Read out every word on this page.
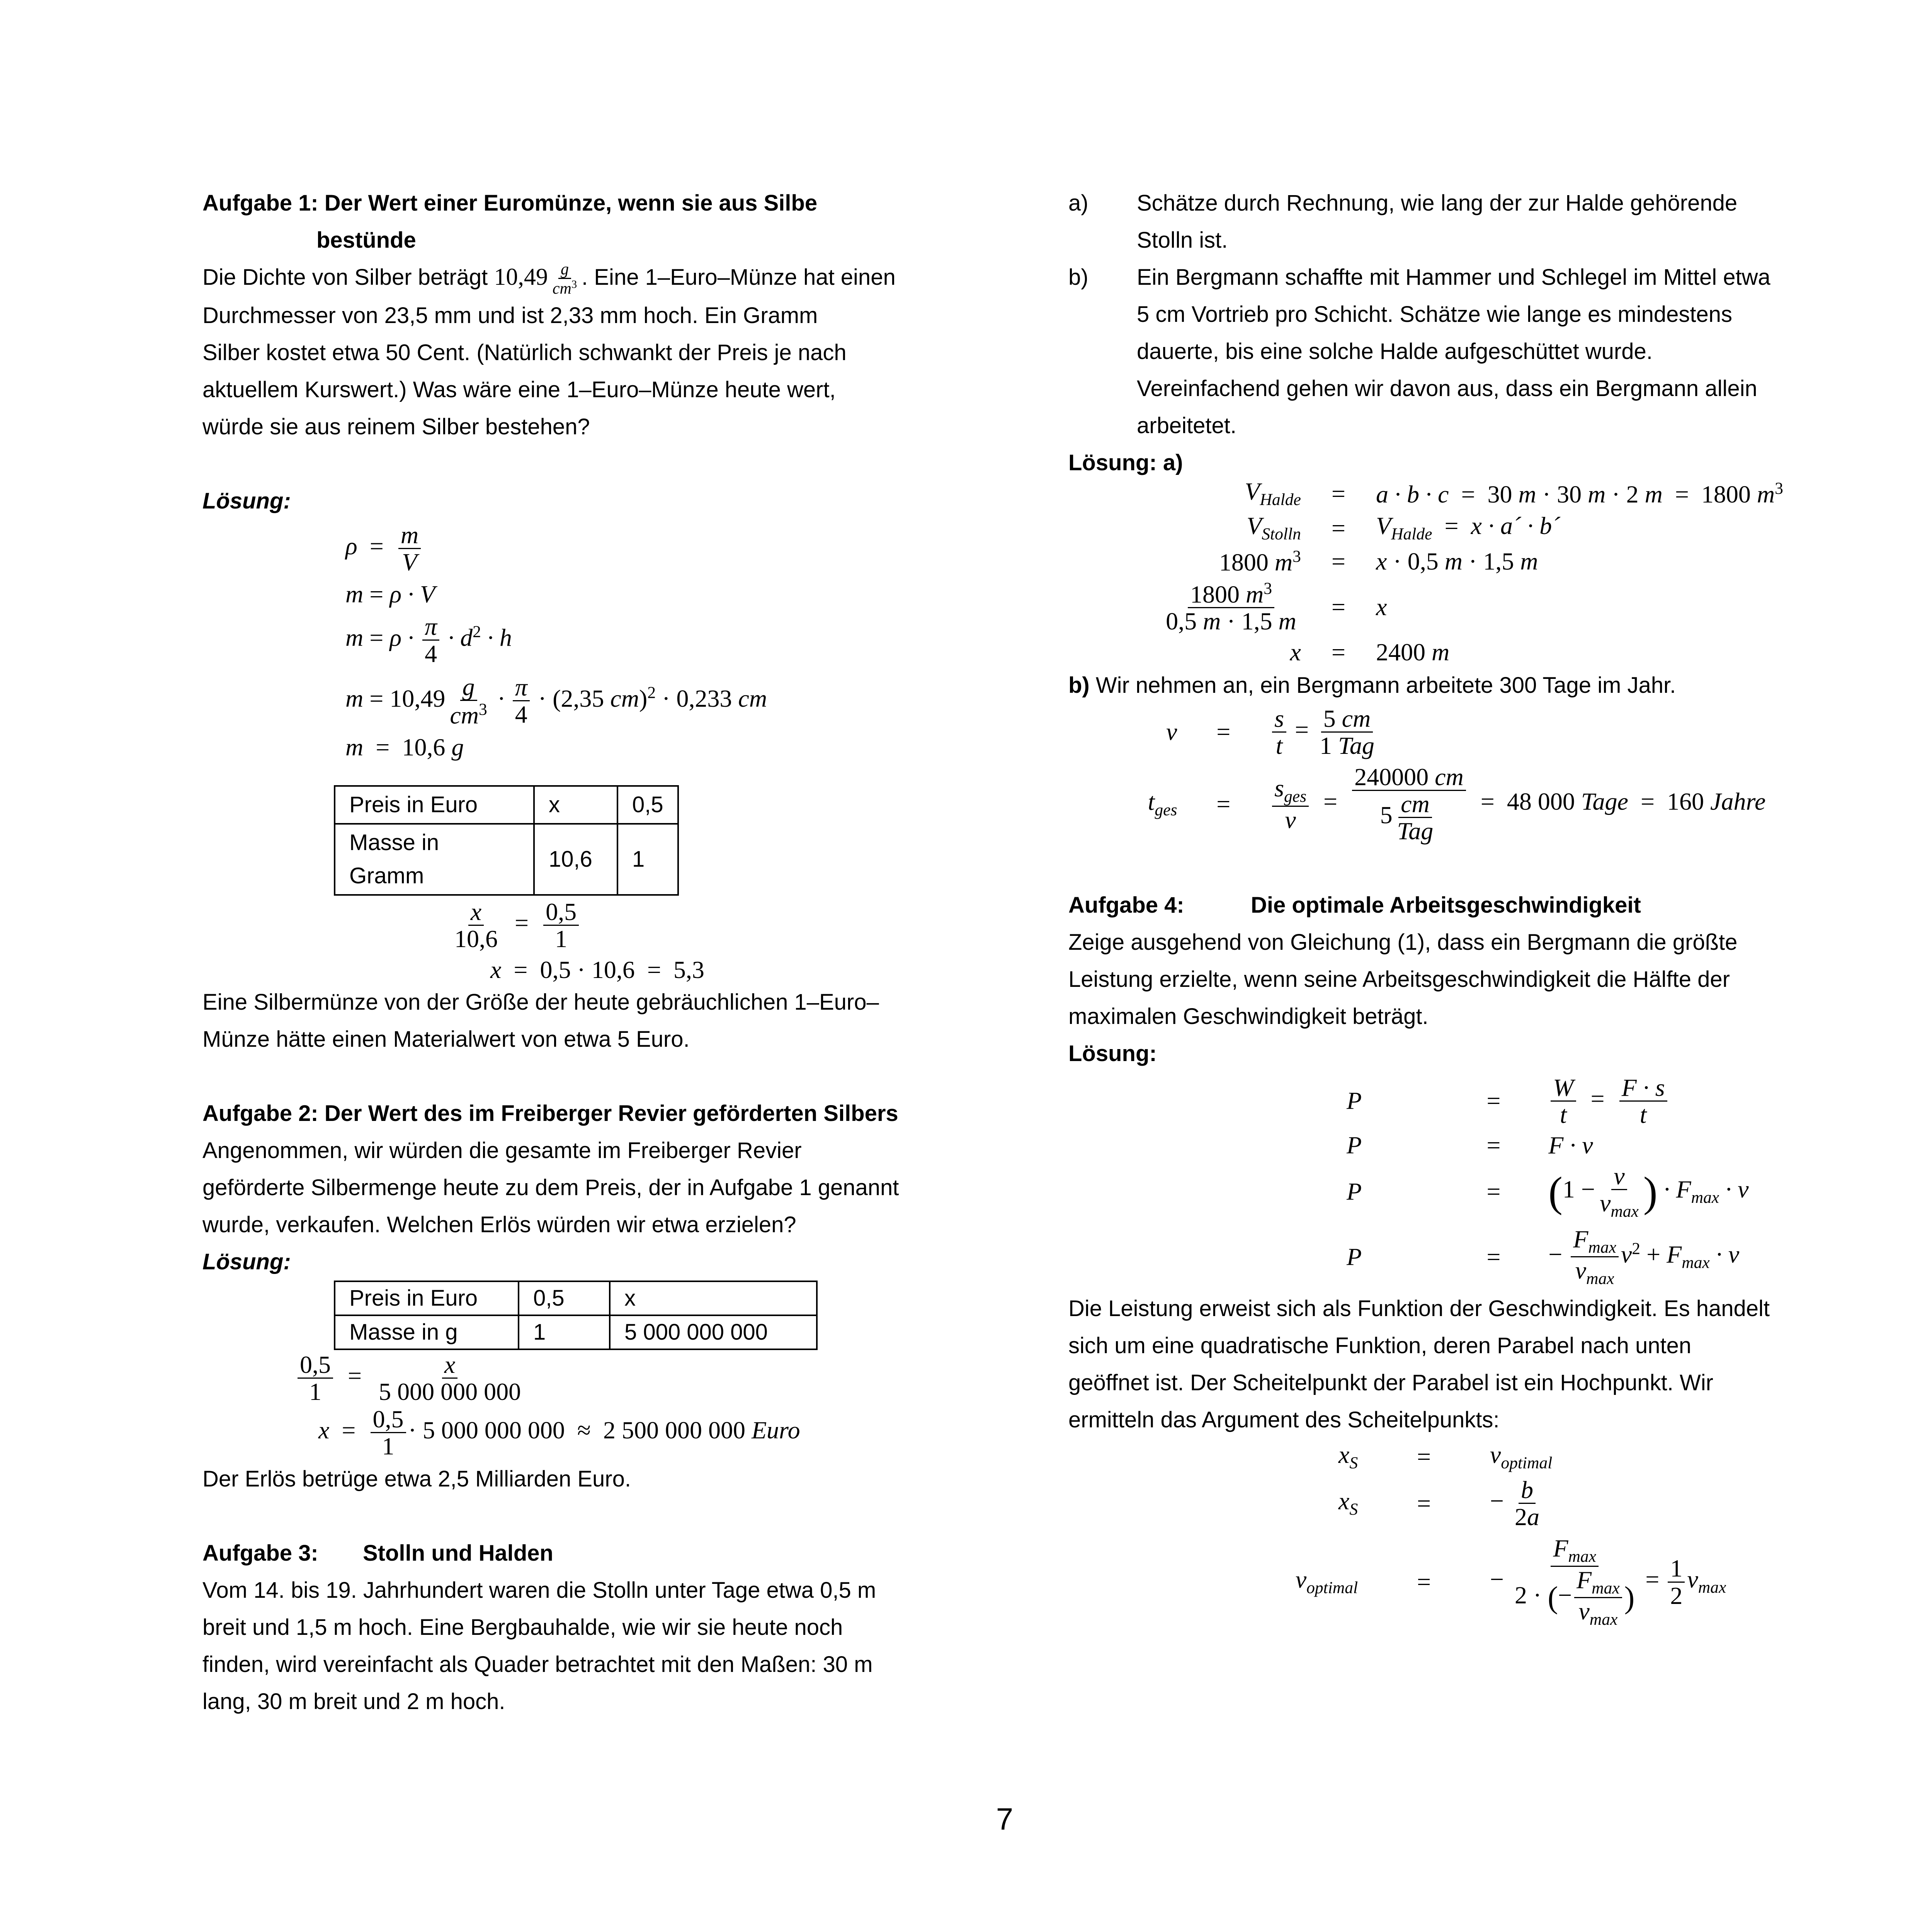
Aufgabe 1: Der Wert einer Euromünze, wenn sie aus Silbe

bestünde

Die Dichte von Silber beträgt $10,49 \frac{g}{cm^3}$ . Eine 1–Euro–Münze hat einen

Durchmesser von 23,5 mm und ist 2,33 mm hoch. Ein Gramm

Silber kostet etwa 50 Cent. (Natürlich schwankt der Preis je nach

aktuellem Kurswert.) Was wäre eine 1–Euro–Münze heute wert,

würde sie aus reinem Silber bestehen?

Lösung:

$\rho = \frac{m}{V}$
m = ρ · V
$m = \rho \cdot \frac{\pi}{4} \cdot d^2 \cdot h$
$m = 10,49 \frac{g}{cm^3} \cdot \frac{\pi}{4} \cdot (2,35$ cm)$^2$ · 0,233 cm
m  =  10,6 g
Preis in Euro	x	0,5
Masse in Gramm	10,6	1
$\frac{x}{10,6} = \frac{0,5}{1}$
x  =  0,5 · 10,6  =  5,3

Eine Silbermünze von der Größe der heute gebräuchlichen 1–Euro–

Münze hätte einen Materialwert von etwa 5 Euro.

Aufgabe 2: Der Wert des im Freiberger Revier geförderten Silbers

Angenommen, wir würden die gesamte im Freiberger Revier

geförderte Silbermenge heute zu dem Preis, der in Aufgabe 1 genannt

wurde, verkaufen. Welchen Erlös würden wir etwa erzielen?

Lösung:

Preis in Euro	0,5	x
Masse in g	1	5 000 000 000
$\frac{0,5}{1} = \frac{x}{5 000 000 000}$
$x = \frac{0,5}{1} \cdot 5$ 000 000 000  ≈  2 500 000 000 Euro

Der Erlös betrüge etwa 2,5 Milliarden Euro.

Aufgabe 3:	Stolln und Halden

Vom 14. bis 19. Jahrhundert waren die Stolln unter Tage etwa 0,5 m

breit und 1,5 m hoch. Eine Bergbauhalde, wie wir sie heute noch

finden, wird vereinfacht als Quader betrachtet mit den Maßen: 30 m

lang, 30 m breit und 2 m hoch.

a)	Schätze durch Rechnung, wie lang der zur Halde gehörende

Stolln ist.

b)	Ein Bergmann schaffte mit Hammer und Schlegel im Mittel etwa

5 cm Vortrieb pro Schicht. Schätze wie lange es mindestens

dauerte, bis eine solche Halde aufgeschüttet wurde.

Vereinfachend gehen wir davon aus, dass ein Bergmann allein

arbeitetet.

Lösung: a)

$V_{Halde}$	=	a · b · c  =  30 m · 30 m · 2 m  =  1800 $m^3$
$V_{Stolln}$	=	$V_{Halde} = x$ · a´ · b´
1800 $m^3$	=	x · 0,5 m · 1,5 m
$\frac{1800 m^3}{0,5 m \cdot 1,5 m}$	=	x
x	=	2400 m

b) Wir nehmen an, ein Bergmann arbeitete 300 Tage im Jahr.

v	=	$\frac{s}{t} = \frac{5 cm}{\text{1 Tag}}$
$t_{ges}$	=	$\frac{s_{ges}}{v} = \frac{240000 cm}{5 \frac{cm}{\text{Tag}}} = 48$ 000 Tage  =  160 Jahre
Aufgabe 4:	Die optimale Arbeitsgeschwindigkeit

Zeige ausgehend von Gleichung (1), dass ein Bergmann die größte

Leistung erzielte, wenn seine Arbeitsgeschwindigkeit die Hälfte der

maximalen Geschwindigkeit beträgt.

Lösung:

P	=	$\frac{W}{t} = \frac{F \cdot s}{t}$
P	=	F · v
P	=	($1 - \frac{v}{v_{max}}$ ) · $F_{max} \cdot v$
P	=	− $\frac{F_{max}}{v_{max}} v^2 + F_{max} \cdot v$

Die Leistung erweist sich als Funktion der Geschwindigkeit. Es handelt

sich um eine quadratische Funktion, deren Parabel nach unten

geöffnet ist. Der Scheitelpunkt der Parabel ist ein Hochpunkt. Wir

ermitteln das Argument des Scheitelpunkts:

$x_S$	=	$v_{optimal}$
$x_S$	=	− $\frac{b}{2a}$
$v_{optimal}$	=	− $\frac{F_{max}}{2 \cdot (- \frac{F_{max}}{v_{max}} )} = \frac{1}{2} v_{max}$
7
